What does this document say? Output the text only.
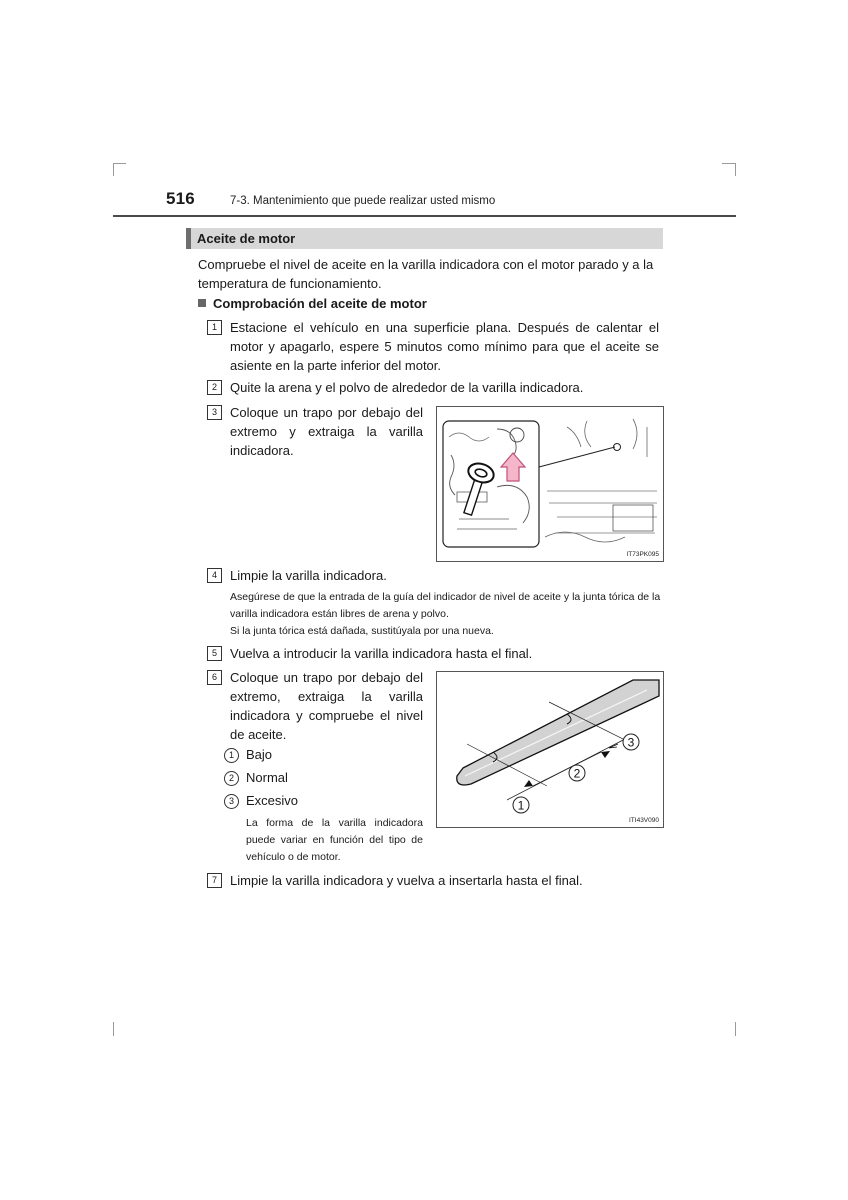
516	7-3. Mantenimiento que puede realizar usted mismo
Aceite de motor
Compruebe el nivel de aceite en la varilla indicadora con el motor parado y a la temperatura de funcionamiento.
Comprobación del aceite de motor
1	Estacione el vehículo en una superficie plana. Después de calentar el motor y apagarlo, espere 5 minutos como mínimo para que el aceite se asiente en la parte inferior del motor.
2	Quite la arena y el polvo de alrededor de la varilla indicadora.
3	Coloque un trapo por debajo del extremo y extraiga la varilla indicadora.
IT73PK095
4	Limpie la varilla indicadora.
Asegúrese de que la entrada de la guía del indicador de nivel de aceite y la junta tórica de la varilla indicadora están libres de arena y polvo.
Si la junta tórica está dañada, sustitúyala por una nueva.
5	Vuelva a introducir la varilla indicadora hasta el final.
6	Coloque un trapo por debajo del extremo, extraiga la varilla indicadora y compruebe el nivel de aceite.
1 Bajo
2 Normal
3 Excesivo
La forma de la varilla indicadora puede variar en función del tipo de vehículo o de motor.
1
2
3
ITI43V090
7	Limpie la varilla indicadora y vuelva a insertarla hasta el final.
